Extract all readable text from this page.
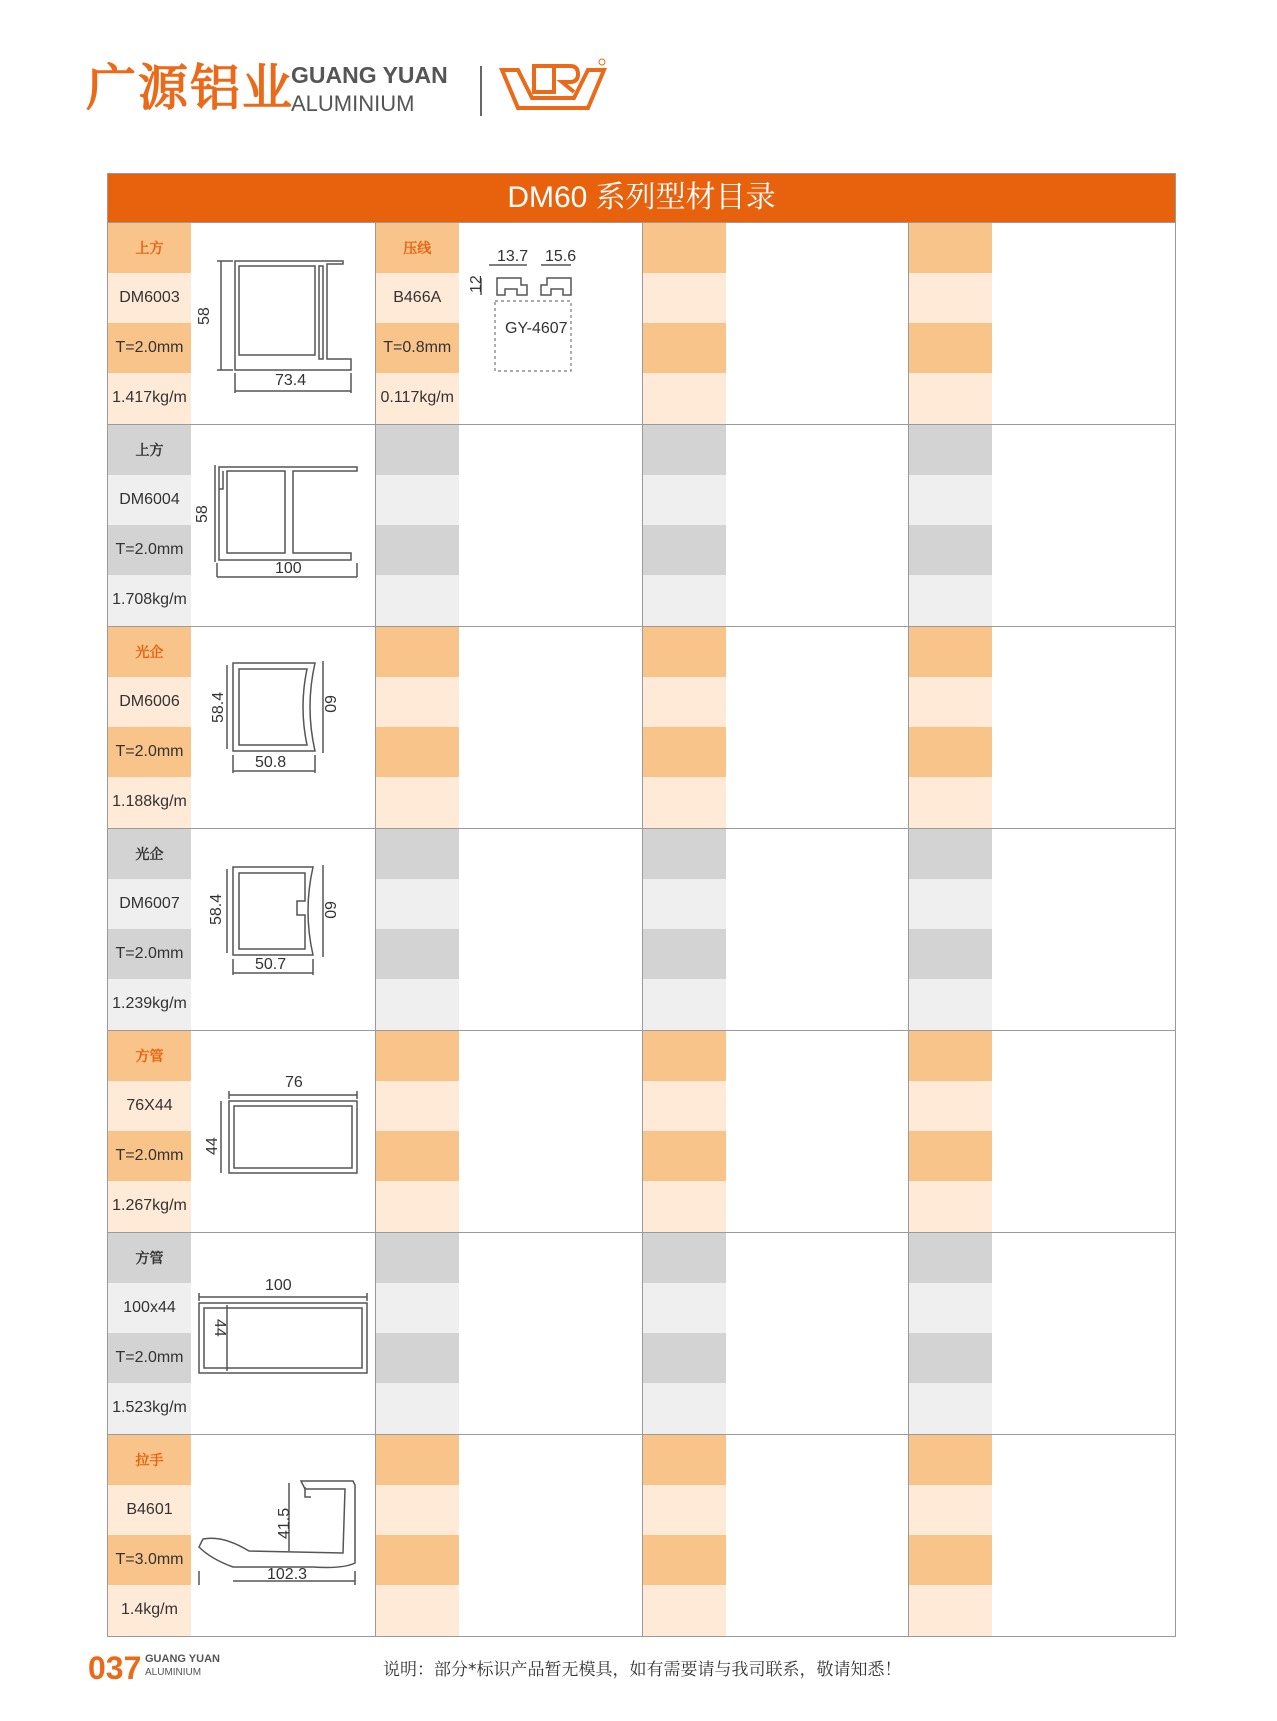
广源铝业
GUANG YUAN
ALUMINIUM
DM60 系列型材目录
上方
DM6003
T=2.0mm
1.417kg/m
58
73.4
压线
B466A
T=0.8mm
0.117kg/m
13.7 15.6
12
GY-4607
上方
DM6004
T=2.0mm
1.708kg/m
58
100
光企
DM6006
T=2.0mm
1.188kg/m
58.4	60
50.8
光企
DM6007
T=2.0mm
1.239kg/m
58.4	60
50.7
方管
76X44
T=2.0mm
1.267kg/m
76
44
方管
100x44
T=2.0mm
1.523kg/m
100
44
拉手
B4601
T=3.0mm
1.4kg/m
41.5
102.3
037 GUANG YUAN
ALUMINIUM	说明：部分*标识产品暂无模具，如有需要请与我司联系，敬请知悉！
